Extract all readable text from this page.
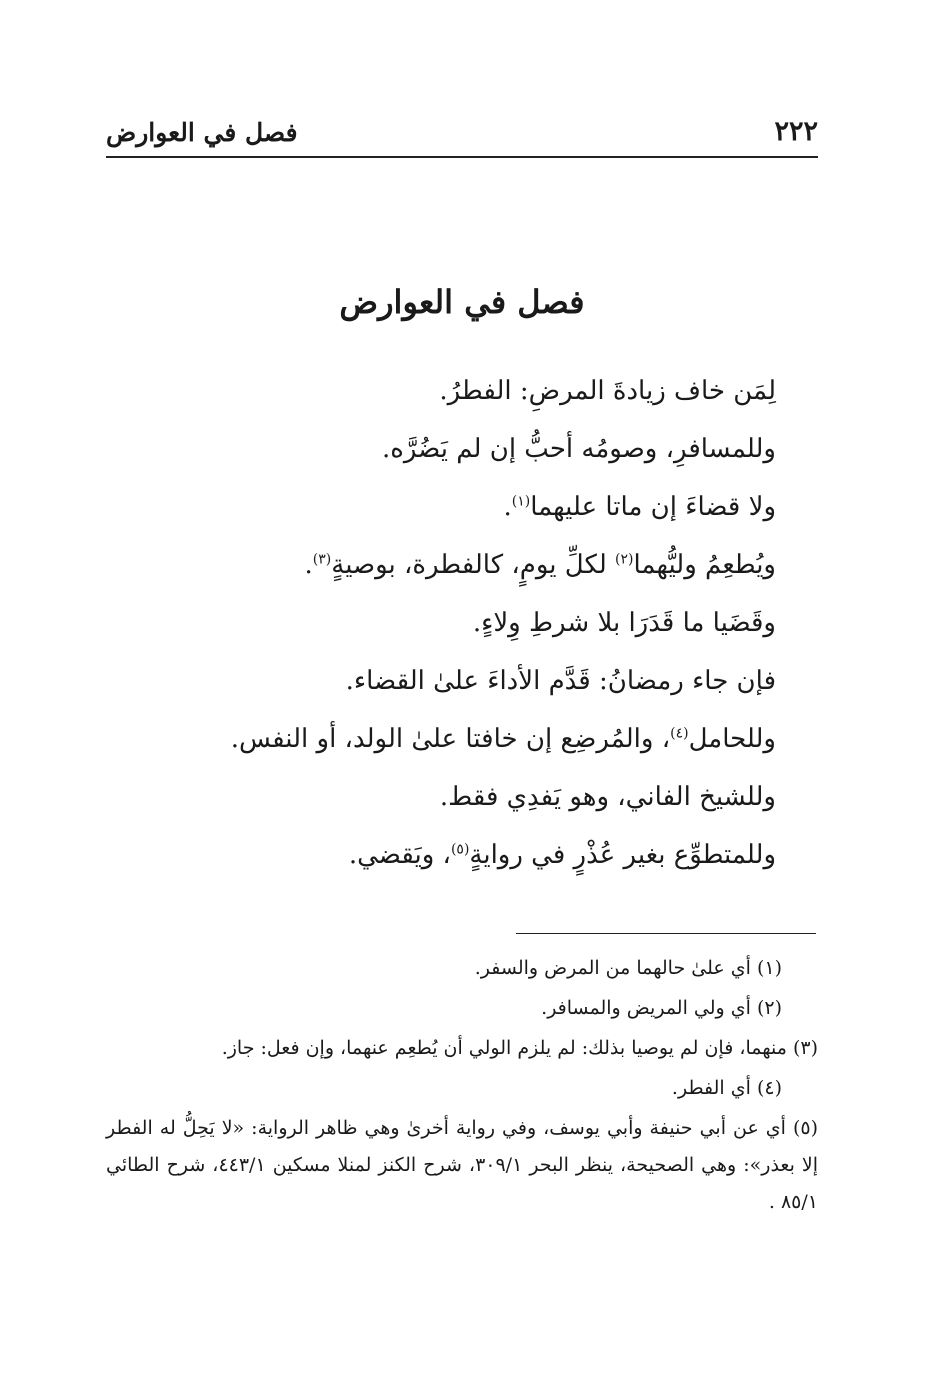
٢٢٢
فصل في العوارض
فصل في العوارض
لِمَن خاف زيادةَ المرضِ: الفطرُ.
وللمسافرِ، وصومُه أحبُّ إن لم يَضُرَّه.
ولا قضاءَ إن ماتا عليهما$^{(١)}$.
ويُطعِمُ وليُّهما$^{(٢)}$ لكلِّ يومٍ، كالفطرة، بوصيةٍ$^{(٣)}$.
وقَضَيا ما قَدَرَا بلا شرطِ وِلاءٍ.
فإن جاء رمضانُ: قَدَّم الأداءَ علىٰ القضاء.
وللحامل$^{(٤)}$، والمُرضِع إن خافتا علىٰ الولد، أو النفس.
وللشيخ الفاني، وهو يَفدِي فقط.
وللمتطوِّع بغير عُذْرٍ في روايةٍ$^{(٥)}$، ويَقضي.
(١) أي علىٰ حالهما من المرض والسفر.
(٢) أي ولي المريض والمسافر.
(٣) منهما، فإن لم يوصيا بذلك: لم يلزم الولي أن يُطعِم عنهما، وإن فعل: جاز.
(٤) أي الفطر.
(٥) أي عن أبي حنيفة وأبي يوسف، وفي رواية أخرىٰ وهي ظاهر الرواية: «لا يَحِلُّ له الفطر إلا بعذر»: وهي الصحيحة، ينظر البحر ٣٠٩/١، شرح الكنز لمنلا مسكين ٤٤٣/١، شرح الطائي ٨٥/١ .
